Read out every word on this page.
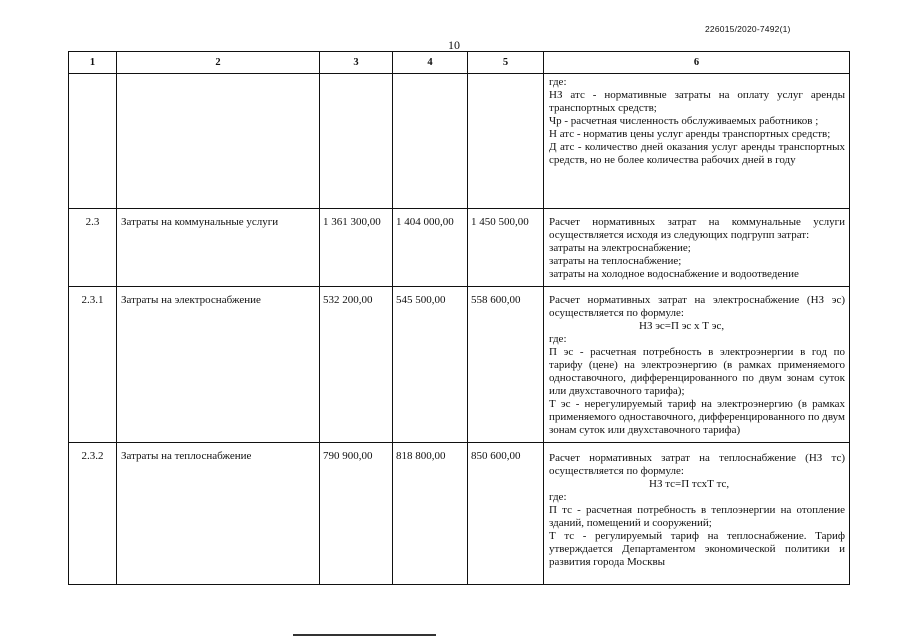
226015/2020-7492(1)
10
1	2	3	4	5	6

					где:
НЗ атс - нормативные затраты на оплату услуг аренды транспортных средств;
Чр - расчетная численность обслуживаемых работников ;
Н атс - норматив цены услуг аренды транспортных средств;
Д атс - количество дней оказания услуг аренды транспортных средств, но не более количества рабочих дней в году

2.3	Затраты на коммунальные услуги	1 361 300,00	1 404 000,00	1 450 500,00	Расчет нормативных затрат на коммунальные услуги осуществляется исходя из следующих подгрупп затрат:
затраты на электроснабжение;
затраты на теплоснабжение;
затраты на холодное водоснабжение и водоотведение

2.3.1	Затраты на электроснабжение	532 200,00	545 500,00	558 600,00	Расчет нормативных затрат на электроснабжение (НЗ эс) осуществляется по формуле:
НЗ эс=П эс х Т эс,
где:
П эс - расчетная потребность в электроэнергии в год по тарифу (цене) на электроэнергию (в рамках применяемого одноставочного, дифференцированного по двум зонам суток или двухставочного тарифа);
Т эс - нерегулируемый тариф на электроэнергию (в рамках применяемого одноставочного, дифференцированного по двум зонам суток или двухставочного тарифа)

2.3.2	Затраты на теплоснабжение	790 900,00	818 800,00	850 600,00	Расчет нормативных затрат на теплоснабжение (НЗ тс) осуществляется по формуле:
НЗ тс=П тсхТ тс,
где:
П тс - расчетная потребность в теплоэнергии на отопление зданий, помещений и сооружений;
Т тс - регулируемый тариф на теплоснабжение. Тариф утверждается Департаментом экономической политики и развития города Москвы
